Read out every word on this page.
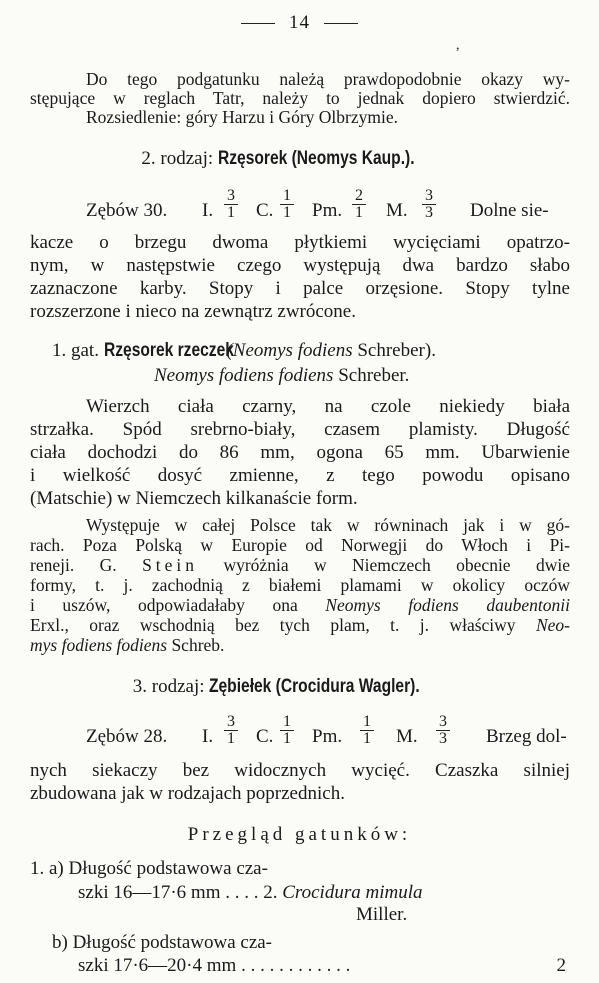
14
,
Do tego podgatunku należą prawdopodobnie okazy wy-
stępujące w reglach Tatr, należy to jednak dopiero stwierdzić.
Rozsiedlenie: góry Harzu i Góry Olbrzymie.
2. rodzaj: Rzęsorek (Neomys Kaup.).
Zębów 30. I. $\frac{3}{1} C$. $\frac{1}{1} Pm$. $\frac{2}{1} M$. $\frac{3}{3}$ Dolne sie-
kacze o brzegu dwoma płytkiemi wycięciami opatrzo-
nym, w następstwie czego występują dwa bardzo słabo
zaznaczone karby. Stopy i palce orzęsione. Stopy tylne
rozszerzone i nieco na zewnątrz zwrócone.
1. gat. Rzęsorek rzeczek (Neomys fodiens Schreber).
Neomys fodiens fodiens Schreber.
Wierzch ciała czarny, na czole niekiedy biała
strzałka. Spód srebrno-biały, czasem plamisty. Długość
ciała dochodzi do 86 mm, ogona 65 mm. Ubarwienie
i wielkość dosyć zmienne, z tego powodu opisano
(Matschie) w Niemczech kilkanaście form.
Występuje w całej Polsce tak w równinach jak i w gó-
rach. Poza Polską w Europie od Norwegji do Włoch i Pi-
reneji. G. Stein wyróżnia w Niemczech obecnie dwie
formy, t. j. zachodnią z białemi plamami w okolicy oczów
i uszów, odpowiadałaby ona Neomys fodiens daubentonii
Erxl., oraz wschodnią bez tych plam, t. j. właściwy Neo-
mys fodiens fodiens Schreb.
3. rodzaj: Zębiełek (Crocidura Wagler).
Zębów 28. I. $\frac{3}{1} C$. $\frac{1}{1} Pm$. $\frac{1}{1} M$. $\frac{3}{3}$ Brzeg dol-
nych siekaczy bez widocznych wycięć. Czaszka silniej
zbudowana jak w rodzajach poprzednich.
Przegląd gatunków:
1. a) Długość podstawowa cza-
szki 16—17·6 mm . . . . 2. Crocidura mimula
Miller.
b) Długość podstawowa cza-
szki 17·6—20·4 mm . . . . . . . . . . . .	2
